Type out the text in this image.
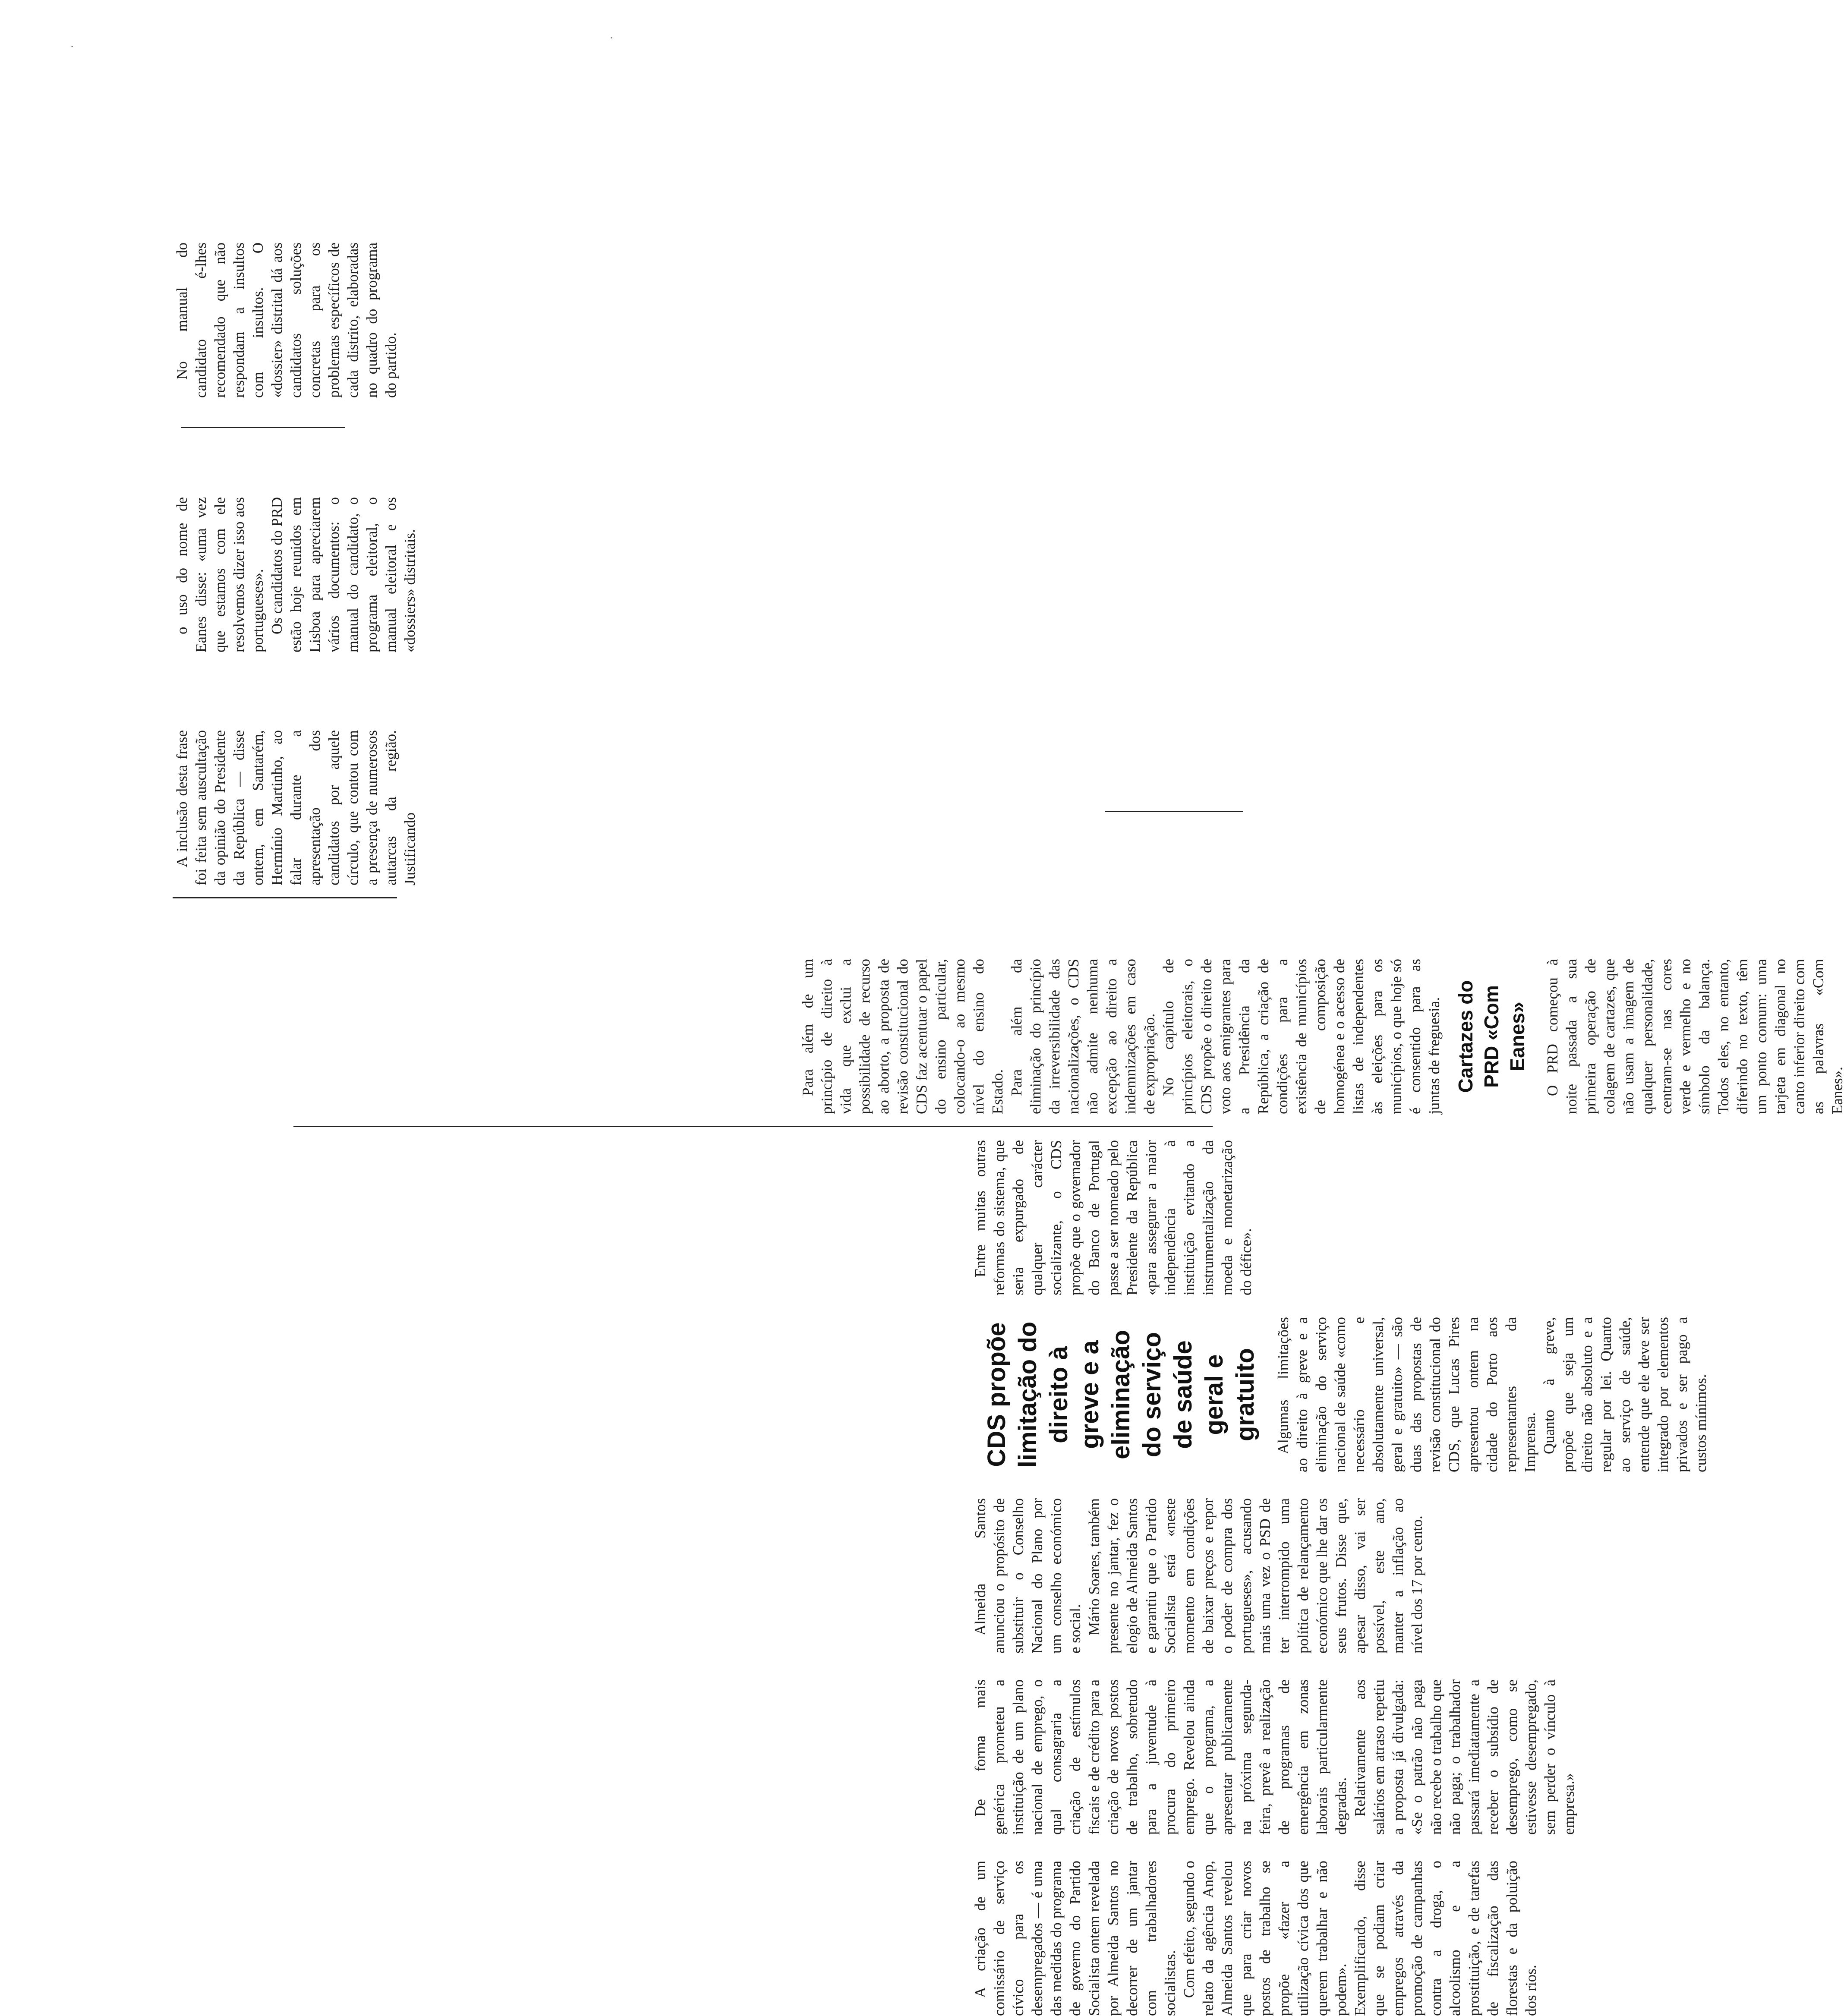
A criação de um comissário de serviço cívico para os desempregados — é uma das medidas do programa de governo do Partido Socialista ontem revelada por Almeida Santos no decorrer de um jantar com trabalhadores socialistas. Com efeito, segundo o relato da agência Anop, Almeida Santos revelou que para criar novos postos de trabalho se propõe «fazer a utilização cívica dos que querem trabalhar e não podem». Exemplificando, disse que se podiam criar empregos através da promoção de campanhas contra a droga, o alcoolismo e a prostituição, e de tarefas de fiscalização das florestas e da poluição dos rios.

De forma mais genérica prometeu a instituição de um plano nacional de emprego, o qual consagraria a criação de estímulos fiscais e de crédito para a criação de novos postos de trabalho, sobretudo para a juventude à procura do primeiro emprego. Revelou ainda que o programa, a apresentar publicamente na próxima segunda-feira, prevê a realização de programas de emergência em zonas laborais particularmente degradas. Relativamente aos salários em atraso repetiu a proposta já divulgada: «Se o patrão não paga não recebe o trabalho que não paga; o trabalhador passará imediatamente a receber o subsídio de desemprego, como se estivesse desempregado, sem perder o vínculo à empresa.»

Almeida Santos anunciou o propósito de substituir o Conselho Nacional do Plano por um conselho económico e social. Mário Soares, também presente no jantar, fez o elogio de Almeida Santos e garantiu que o Partido Socialista está «neste momento em condições de baixar preços e repor o poder de compra dos portugueses», acusando mais uma vez o PSD de ter interrompido uma política de relançamento económico que lhe dar os seus frutos. Disse que, apesar disso, vai ser possível, este ano, manter a inflação ao nível dos 17 por cento.

CDS propõe limitação do direito à greve e a eliminação do serviço de saúde geral e gratuito Algumas limitações ao direito à greve e a eliminação do serviço nacional de saúde «como necessário e absolutamente universal, geral e gratuito» — são duas das propostas de revisão constitucional do CDS, que Lucas Pires apresentou ontem na cidade do Porto aos representantes da Imprensa. Quanto à greve, propõe que seja um direito não absoluto e a regular por lei. Quanto ao serviço de saúde, entende que ele deve ser integrado por elementos privados e ser pago a custos mínimos.

Entre muitas outras reformas do sistema, que seria expurgado de qualquer carácter socializante, o CDS propõe que o governador do Banco de Portugal passe a ser nomeado pelo Presidente da República «para assegurar a maior independência à instituição evitando a instrumentalização da moeda e monetarização do défice».

Para além de um princípio de direito à vida que exclui a possibilidade de recurso ao aborto, a proposta de revisão constitucional do CDS faz acentuar o papel do ensino particular, colocando-o ao mesmo nível do ensino do Estado. Para além da eliminação do princípio da irreversibilidade das nacionalizações, o CDS não admite nenhuma excepção ao direito a indemnizações em caso de expropriação. No capítulo de princípios eleitorais, o CDS propõe o direito de voto aos emigrantes para a Presidência da República, a criação de condições para a existência de municípios de composição homogénea e o acesso de listas de independentes às eleições para os municípios, o que hoje só é consentido para as juntas de freguesia. Cartazes do PRD «Com Eanes» O PRD começou à noite passada a sua primeira operação de colagem de cartazes, que não usam a imagem de qualquer personalidade, centram-se nas cores verde e vermelho e no símbolo da balança. Todos eles, no entanto, diferindo no texto, têm um ponto comum: uma tarjeta em diagonal no canto inferior direito com as palavras «Com Eanes».

A inclusão desta frase foi feita sem auscultação da opinião do Presidente da República — disse ontem, em Santarém, Hermínio Martinho, ao falar durante a apresentação dos candidatos por aquele círculo, que contou com a presença de numerosos autarcas da região. Justificando

o uso do nome de Eanes disse: «uma vez que estamos com ele resolvemos dizer isso aos portugueses». Os candidatos do PRD estão hoje reunidos em Lisboa para apreciarem vários documentos: o manual do candidato, o programa eleitoral, o manual eleitoral e os «dossiers» distritais.

No manual do candidato é-lhes recomendado que não respondam a insultos com insultos. O «dossier» distrital dá aos candidatos soluções concretas para os problemas específicos de cada distrito, elaboradas no quadro do programa do partido.

·
·
